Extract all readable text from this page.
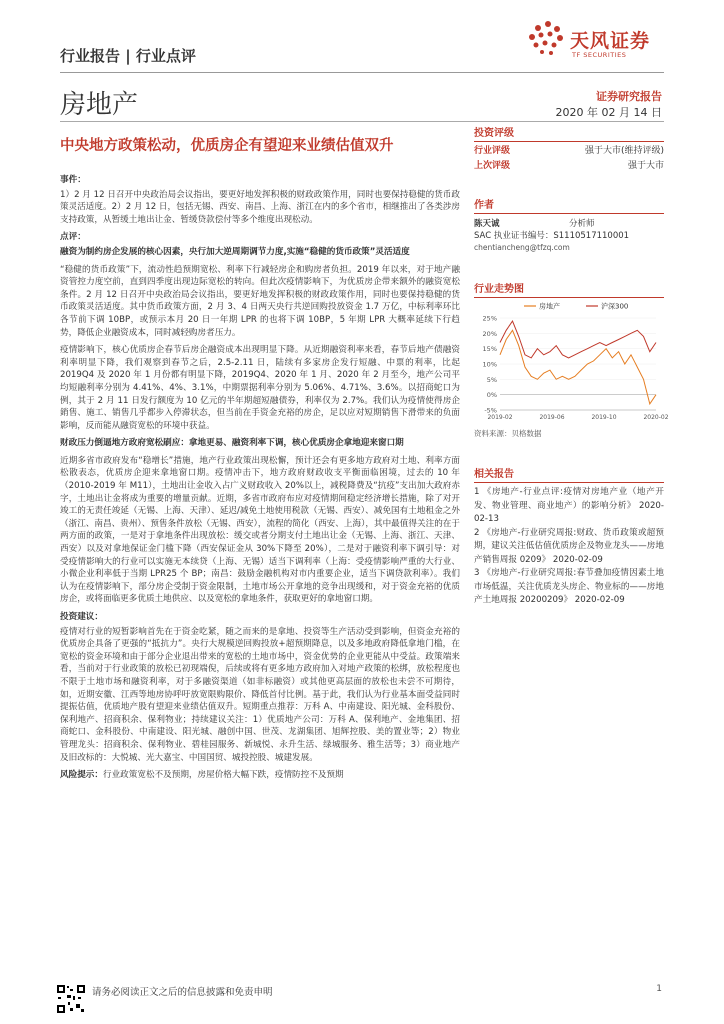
行业报告 | 行业点评
天风证券
TF SECURITIES
房地产	证券研究报告
2020 年 02 月 14 日
中央地方政策松动，优质房企有望迎来业绩估值双升
事件：

1）2 月 12 日召开中央政治局会议指出，要更好地发挥积极的财政政策作用，同时也要保持稳健的货币政策灵活适度。2）2 月 12 日，包括无锡、西安、南昌、上海、浙江在内的多个省市，相继推出了各类涉房支持政策，从暂缓土地出让金、暂缓贷款偿付等多个维度出现松动。

点评：

融资为制约房企发展的核心因素，央行加大逆周期调节力度,实施“稳健的货币政策”灵活适度

“稳健的货币政策”下，流动性趋预期宽松、利率下行减轻房企和购房者负担。2019 年以来，对于地产融资管控力度空前，直到四季度出现边际宽松的转向。但此次疫情影响下，为优质房企带来额外的融资宽松条件。2 月 12 日召开中央政治局会议指出，要更好地发挥积极的财政政策作用，同时也要保持稳健的货币政策灵活适度。其中货币政策方面，2 月 3、4 日两天央行共逆回购投放资金 1.7 万亿，中标利率环比各节前下调 10BP，或预示本月 20 日一年期 LPR 的也将下调 10BP，5 年期 LPR 大概率延续下行趋势，降低企业融资成本，同时减轻购房者压力。

疫情影响下，核心优质房企春节后房企融资成本出现明显下降。从近期融资利率来看，春节后地产债融资利率明显下降，我们观察到春节之后，2.5-2.11 日，陆续有多家房企发行短融、中票的利率，比起 2019Q4 及 2020 年 1 月份都有明显下降，2019Q4、2020 年 1 月、2020 年 2 月至今，地产公司平均短融利率分别为 4.41%、4%、3.1%，中期票据利率分别为 5.06%、4.71%、3.6%。以招商蛇口为例，其于 2 月 11 日发行额度为 10 亿元的半年期超短融债券，利率仅为 2.7%。我们认为疫情使得房企銷售、施工、销售几乎都步入停滞状态，但当前在手资金充裕的房企，足以应对短期销售下滑带来的负面影响，反而能从融资宽松的环境中获益。

财政压力倒逼地方政府宽松刷应：拿地更易、融资利率下调，核心优质房企拿地迎来窗口期

近期多省市政府发布“稳增长”措施，地产行业政策出现松懈，预计还会有更多地方政府对土地、利率方面松散表态，优质房企迎来拿地窗口期。疫情冲击下，地方政府财政收支平衡面临困境，过去的 10 年（2010-2019 年 M11），土地出让金收入占广义财政收入 20%以上，减税降费及“抗疫”支出加大政府赤字，土地出让金将成为重要的增量贡献。近期，多省市政府布应对疫情期间稳定经济增长措施，除了对开竣工的无责任竣延（无锡、上海、天津）、延迟/减免土地使用税款（无锡、西安）、减免国有土地租金之外（浙江、南昌、贵州）、预售条件放松（无锡、西安），流程的简化（西安、上海），其中最值得关注的在于两方面的政策，一是对于拿地条件出现放松：缓交或者分期支付土地出让金（无锡、上海、浙江、天津、西安）以及对拿地保证金门槛下降（西安保证金从 30%下降至 20%），二是对于融资利率下调引导：对受疫情影响大的行业可以实施无本续贷（上海、无锡）适当下调利率（上海：受疫情影响严重的大行业、小微企业利率低于当期 LPR25 个 BP；南昌：鼓励金融机构对市内重要企业，适当下调贷款利率）。我们认为在疫情影响下，部分房企受制于资金限制，土地市场公开拿地的竞争出现缓和，对于资金充裕的优质房企，或将面临更多优质土地供应、以及宽松的拿地条件，获取更好的拿地窗口期。

投资建议：

疫情对行业的短暂影响首先在于资金吃紧，随之而来的是拿地、投资等生产活动受到影响，但资金充裕的优质房企具备了更强的“抵抗力”。央行大规模逆回购投放+超预期降息，以及多地政府降低拿地门槛，在宽松的资金环境和由于部分企业退出带来的宽松的土地市场中，资金优势的企业更能从中受益。政策端来看，当前对于行业政策的放松已初现端倪，后续或将有更多地方政府加入对地产政策的松绑，放松程度也不限于土地市场和融资利率，对于多融资渠道（如非标融资）或其他更高层面的放松也未尝不可期待，如，近期安徽、江西等地房协呼吁放宽限购限价、降低首付比例。基于此，我们认为行业基本面受益同时提振估值，优质地产股有望迎来业绩估值双升。短期重点推荐：万科 A、中南建设、阳光城、金科股份、保利地产、招商积余、保利物业；持续建议关注：1）优质地产公司：万科 A、保利地产、金地集团、招商蛇口、金科股份、中南建设、阳光城、融创中国、世茂、龙湖集团、旭辉控股、美的置业等；2）物业管理龙头：招商积余、保利物业、碧桂园服务、新城悦、永升生活、绿城服务、雅生活等；3）商业地产及旧改标的：大悦城、光大嘉宝、中国国贸、城投控股、城建发展。

风险提示：行业政策宽松不及预期，房屋价格大幅下跌，疫情防控不及预期

投资评级
行业评级	强于大市(维持评级)
上次评级	强于大市
作者
陈天诚	分析师
SAC 执业证书编号：S1110517110001
chentiancheng@tfzq.com
行业走势图
-5%
0%
5%
10%
15%
20%
25%
2019-02	2019-06	2019-10	2020-02
房地产	沪深300
资料来源：贝格数据
相关报告
1 《房地产-行业点评:疫情对房地产业（地产开发、物业管理、商业地产）的影响分析》 2020-02-13
2 《房地产-行业研究周报:财政、货币政策或超预期，建议关注低估值优质房企及物业龙头——房地产销售周报 0209》 2020-02-09
3 《房地产-行业研究周报:春节叠加疫情因素土地市场低温，关注优质龙头房企、物业标的——房地产土地周报 20200209》 2020-02-09
请务必阅读正文之后的信息披露和免责申明	1
